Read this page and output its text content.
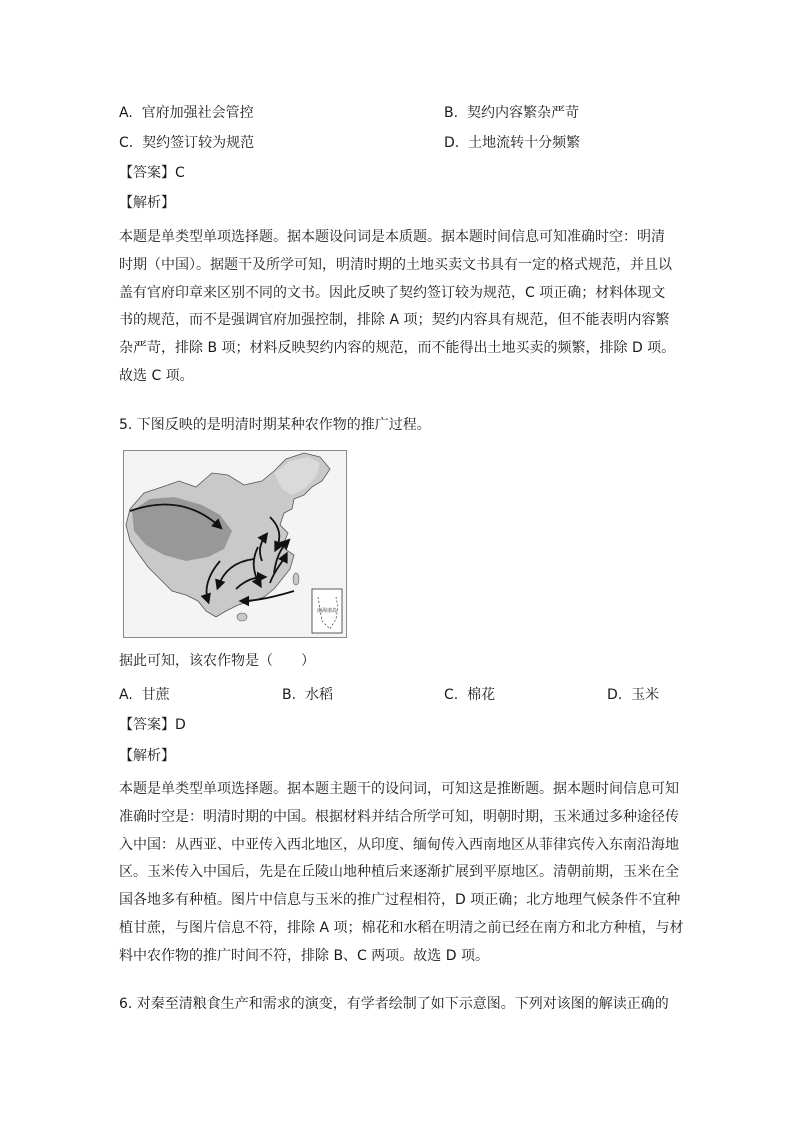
A. 官府加强社会管控	B. 契约内容繁杂严苛
C. 契约签订较为规范	D. 土地流转十分频繁
【答案】C
【解析】
本题是单类型单项选择题。据本题设问词是本质题。据本题时间信息可知准确时空：明清
时期（中国）。据题干及所学可知，明清时期的土地买卖文书具有一定的格式规范，并且以
盖有官府印章来区别不同的文书。因此反映了契约签订较为规范，C 项正确；材料体现文
书的规范，而不是强调官府加强控制，排除 A 项；契约内容具有规范，但不能表明内容繁
杂严苛，排除 B 项；材料反映契约内容的规范，而不能得出土地买卖的频繁，排除 D 项。
故选 C 项。
5. 下图反映的是明清时期某种农作物的推广过程。
南海诸岛
据此可知，该农作物是（　　）
A. 甘蔗	B. 水稻	C. 棉花	D. 玉米
【答案】D
【解析】
本题是单类型单项选择题。据本题主题干的设问词，可知这是推断题。据本题时间信息可知
准确时空是：明清时期的中国。根据材料并结合所学可知，明朝时期，玉米通过多种途径传
入中国：从西亚、中亚传入西北地区，从印度、缅甸传入西南地区从菲律宾传入东南沿海地
区。玉米传入中国后，先是在丘陵山地种植后来逐渐扩展到平原地区。清朝前期，玉米在全
国各地多有种植。图片中信息与玉米的推广过程相符，D 项正确；北方地理气候条件不宜种
植甘蔗，与图片信息不符，排除 A 项；棉花和水稻在明清之前已经在南方和北方种植，与材
料中农作物的推广时间不符，排除 B、C 两项。故选 D 项。
6. 对秦至清粮食生产和需求的演变，有学者绘制了如下示意图。下列对该图的解读正确的
